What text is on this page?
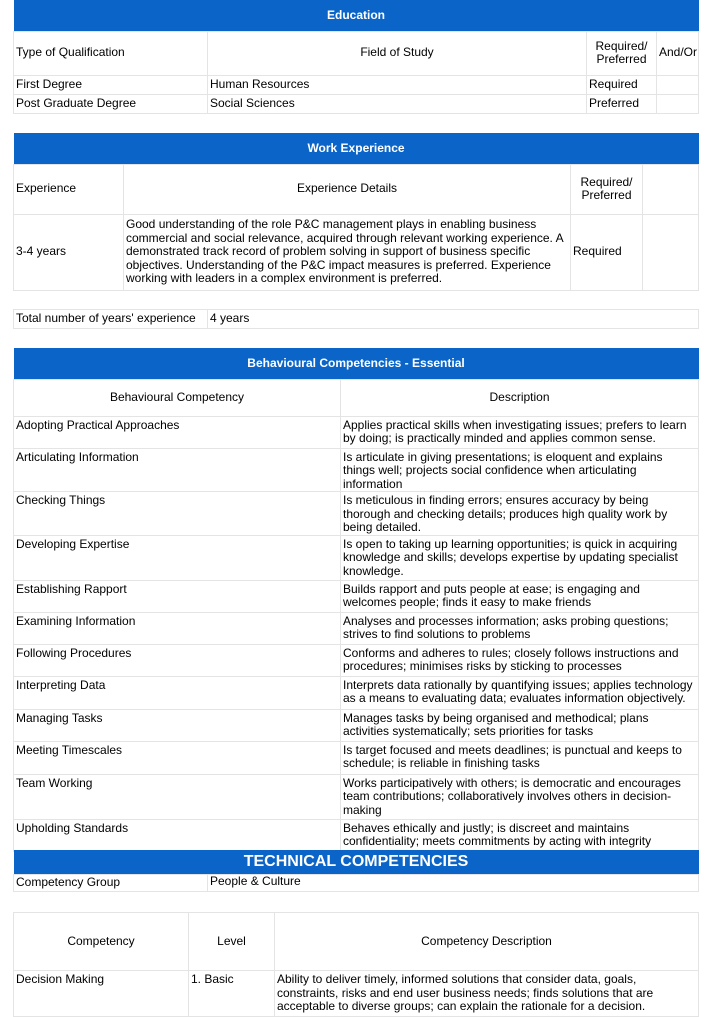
Education			
Type of Qualification	Field of Study	Required/ Preferred	And/Or
First Degree	Human Resources	Required	
Post Graduate Degree	Social Sciences	Preferred	
Work Experience			
Experience	Experience Details	Required/ Preferred	
3-4 years	Good understanding of the role P&C management plays in enabling business commercial and social relevance, acquired through relevant working experience. A demonstrated track record of problem solving in support of business specific objectives. Understanding of the P&C impact measures is preferred. Experience working with leaders in a complex environment is preferred.	Required	
Total number of years' experience	4 years
Behavioural Competencies - Essential	
Behavioural Competency	Description
Adopting Practical Approaches	Applies practical skills when investigating issues; prefers to learn by doing; is practically minded and applies common sense.
Articulating Information	Is articulate in giving presentations; is eloquent and explains things well; projects social confidence when articulating information
Checking Things	Is meticulous in finding errors; ensures accuracy by being thorough and checking details; produces high quality work by being detailed.
Developing Expertise	Is open to taking up learning opportunities; is quick in acquiring knowledge and skills; develops expertise by updating specialist knowledge.
Establishing Rapport	Builds rapport and puts people at ease; is engaging and welcomes people; finds it easy to make friends
Examining Information	Analyses and processes information; asks probing questions; strives to find solutions to problems
Following Procedures	Conforms and adheres to rules; closely follows instructions and procedures; minimises risks by sticking to processes
Interpreting Data	Interprets data rationally by quantifying issues; applies technology as a means to evaluating data; evaluates information objectively.
Managing Tasks	Manages tasks by being organised and methodical; plans activities systematically; sets priorities for tasks
Meeting Timescales	Is target focused and meets deadlines; is punctual and keeps to schedule; is reliable in finishing tasks
Team Working	Works participatively with others; is democratic and encourages team contributions; collaboratively involves others in decision-making
Upholding Standards	Behaves ethically and justly; is discreet and maintains confidentiality; meets commitments by acting with integrity
TECHNICAL COMPETENCIES
Competency Group	People & Culture
Competency	Level	Competency Description
Decision Making	1. Basic	Ability to deliver timely, informed solutions that consider data, goals, constraints, risks and end user business needs; finds solutions that are acceptable to diverse groups; can explain the rationale for a decision.
